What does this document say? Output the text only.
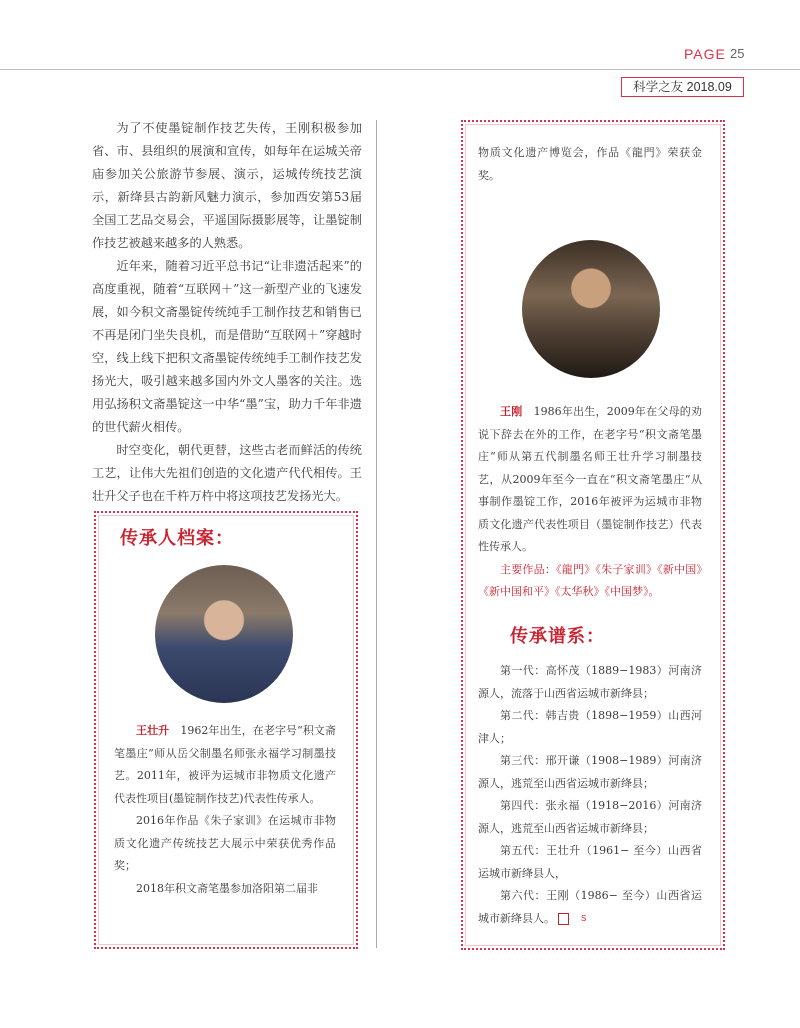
PAGE 25
科学之友 2018.09

为了不使墨锭制作技艺失传，王刚积极参加省、市、县组织的展演和宣传，如每年在运城关帝庙参加关公旅游节参展、演示，运城传统技艺演示，新绛县古韵新风魅力演示，参加西安第53届全国工艺品交易会，平遥国际摄影展等，让墨锭制作技艺被越来越多的人熟悉。

近年来，随着习近平总书记“让非遗活起来”的高度重视，随着“互联网＋”这一新型产业的飞速发展，如今积文斋墨锭传统纯手工制作技艺和销售已不再是闭门坐失良机，而是借助“互联网＋”穿越时空，线上线下把积文斋墨锭传统纯手工制作技艺发扬光大，吸引越来越多国内外文人墨客的关注。选用弘扬积文斋墨锭这一中华“墨”宝，助力千年非遗的世代薪火相传。

时空变化，朝代更替，这些古老而鲜活的传统工艺，让伟大先祖们创造的文化遗产代代相传。王壮升父子也在千杵万杵中将这项技艺发扬光大。

传承人档案：

王壮升　1962年出生，在老字号“积文斋笔墨庄”师从岳父制墨名师张永福学习制墨技艺。2011年，被评为运城市非物质文化遗产代表性项目(墨锭制作技艺)代表性传承人。

2016年作品《朱子家训》在运城市非物质文化遗产传统技艺大展示中荣获优秀作品奖；

2018年积文斋笔墨参加洛阳第二届非

物质文化遗产博览会，作品《龍門》荣获金奖。

王刚　1986年出生，2009年在父母的劝说下辞去在外的工作，在老字号“积文斋笔墨庄”师从第五代制墨名师王壮升学习制墨技艺，从2009年至今一直在“积文斋笔墨庄”从事制作墨锭工作，2016年被评为运城市非物质文化遗产代表性项目（墨锭制作技艺）代表性传承人。

主要作品：《龍門》《朱子家训》《新中国》《新中国和平》《太华秋》《中国梦》。

传承谱系：

第一代：高怀茂（1889−1983）河南济源人，流落于山西省运城市新绛县；

第二代：韩吉贵（1898−1959）山西河津人；

第三代：邢开谦（1908−1989）河南济源人，逃荒至山西省运城市新绛县；

第四代：张永福（1918−2016）河南济源人，逃荒至山西省运城市新绛县；

第五代：王壮升（1961− 至今）山西省运城市新绛县人，

第六代：王刚（1986− 至今）山西省运城市新绛县人。	S
